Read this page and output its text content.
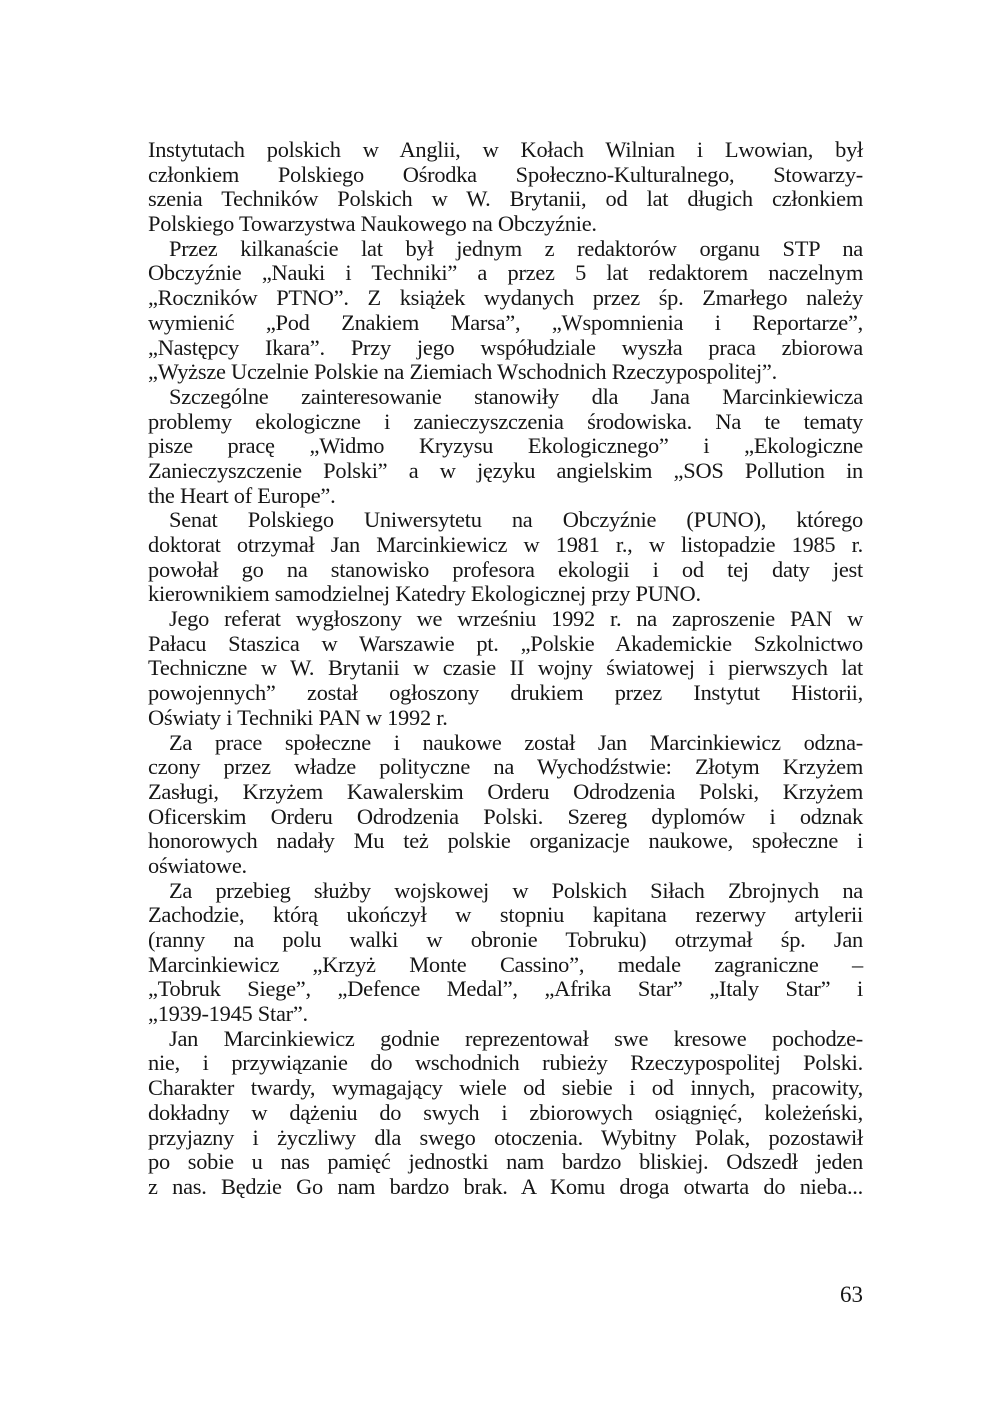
Instytutach polskich w Anglii, w Kołach Wilnian i Lwowian, był
członkiem Polskiego Ośrodka Społeczno-Kulturalnego, Stowarzy-
szenia Techników Polskich w W. Brytanii, od lat długich członkiem
Polskiego Towarzystwa Naukowego na Obczyźnie.

Przez kilkanaście lat był jednym z redaktorów organu STP na
Obczyźnie „Nauki i Techniki” a przez 5 lat redaktorem naczelnym
„Roczników PTNO”. Z książek wydanych przez śp. Zmarłego należy
wymienić „Pod Znakiem Marsa”, „Wspomnienia i Reportarze”,
„Następcy Ikara”. Przy jego współudziale wyszła praca zbiorowa
„Wyższe Uczelnie Polskie na Ziemiach Wschodnich Rzeczypospolitej”.

Szczególne zainteresowanie stanowiły dla Jana Marcinkiewicza
problemy ekologiczne i zanieczyszczenia środowiska. Na te tematy
pisze pracę „Widmo Kryzysu Ekologicznego” i „Ekologiczne
Zanieczyszczenie Polski” a w języku angielskim „SOS Pollution in
the Heart of Europe”.

Senat Polskiego Uniwersytetu na Obczyźnie (PUNO), którego
doktorat otrzymał Jan Marcinkiewicz w 1981 r., w listopadzie 1985 r.
powołał go na stanowisko profesora ekologii i od tej daty jest
kierownikiem samodzielnej Katedry Ekologicznej przy PUNO.

Jego referat wygłoszony we wrześniu 1992 r. na zaproszenie PAN w
Pałacu Staszica w Warszawie pt. „Polskie Akademickie Szkolnictwo
Techniczne w W. Brytanii w czasie II wojny światowej i pierwszych lat
powojennych” został ogłoszony drukiem przez Instytut Historii,
Oświaty i Techniki PAN w 1992 r.

Za prace społeczne i naukowe został Jan Marcinkiewicz odzna-
czony przez władze polityczne na Wychodźstwie: Złotym Krzyżem
Zasługi, Krzyżem Kawalerskim Orderu Odrodzenia Polski, Krzyżem
Oficerskim Orderu Odrodzenia Polski. Szereg dyplomów i odznak
honorowych nadały Mu też polskie organizacje naukowe, społeczne i
oświatowe.

Za przebieg służby wojskowej w Polskich Siłach Zbrojnych na
Zachodzie, którą ukończył w stopniu kapitana rezerwy artylerii
(ranny na polu walki w obronie Tobruku) otrzymał śp. Jan
Marcinkiewicz „Krzyż Monte Cassino”, medale zagraniczne –
„Tobruk Siege”, „Defence Medal”, „Afrika Star” „Italy Star” i
„1939-1945 Star”.

Jan Marcinkiewicz godnie reprezentował swe kresowe pochodze-
nie, i przywiązanie do wschodnich rubieży Rzeczypospolitej Polski.
Charakter twardy, wymagający wiele od siebie i od innych, pracowity,
dokładny w dążeniu do swych i zbiorowych osiągnięć, koleżeński,
przyjazny i życzliwy dla swego otoczenia. Wybitny Polak, pozostawił
po sobie u nas pamięć jednostki nam bardzo bliskiej. Odszedł jeden
z nas. Będzie Go nam bardzo brak. A Komu droga otwarta do nieba...

63
